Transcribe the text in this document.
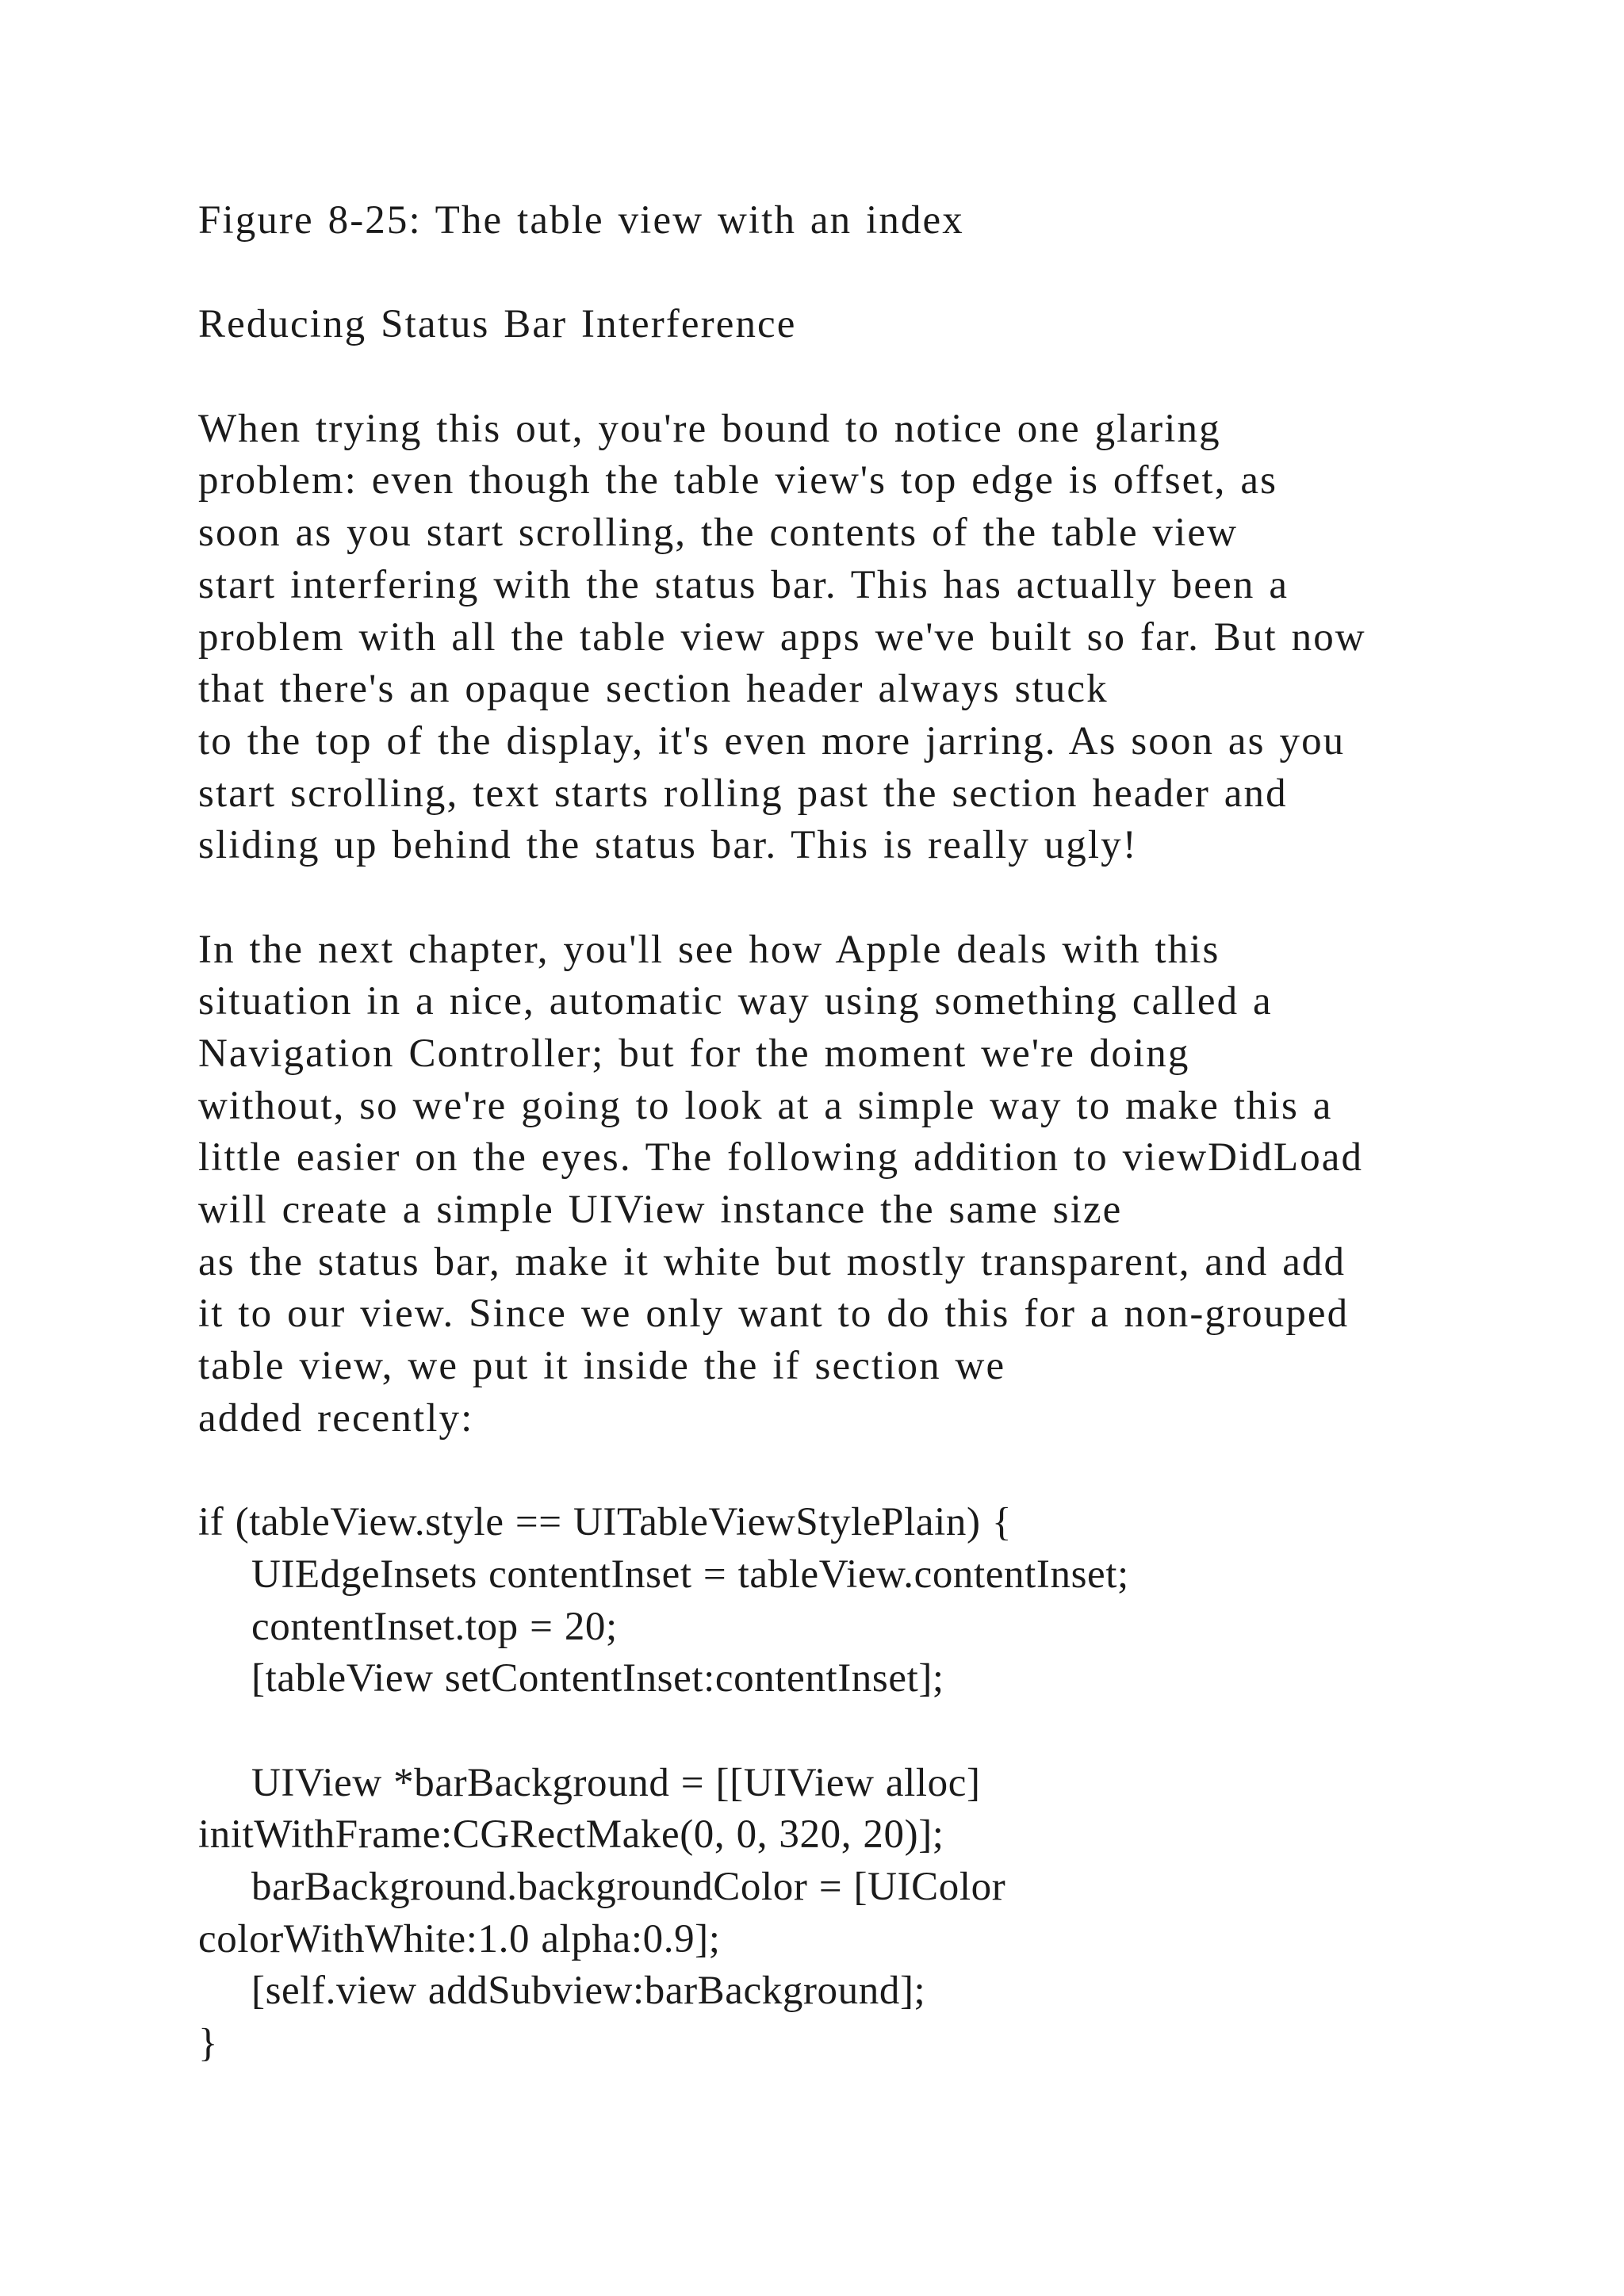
Figure 8-25: The table view with an index
Reducing Status Bar Interference
When trying this out, you're bound to notice one glaring
problem: even though the table view's top edge is offset, as
soon as you start scrolling, the contents of the table view
start interfering with the status bar. This has actually been a
problem with all the table view apps we've built so far. But now
that there's an opaque section header always stuck
to the top of the display, it's even more jarring. As soon as you
start scrolling, text starts rolling past the section header and
sliding up behind the status bar. This is really ugly!
In the next chapter, you'll see how Apple deals with this
situation in a nice, automatic way using something called a
Navigation Controller; but for the moment we're doing
without, so we're going to look at a simple way to make this a
little easier on the eyes. The following addition to viewDidLoad
will create a simple UIView instance the same size
as the status bar, make it white but mostly transparent, and add
it to our view. Since we only want to do this for a non-grouped
table view, we put it inside the if section we
added recently:
if (tableView.style == UITableViewStylePlain) {
UIEdgeInsets contentInset = tableView.contentInset;
contentInset.top = 20;
[tableView setContentInset:contentInset];
UIView *barBackground = [[UIView alloc]
initWithFrame:CGRectMake(0, 0, 320, 20)];
barBackground.backgroundColor = [UIColor
colorWithWhite:1.0 alpha:0.9];
[self.view addSubview:barBackground];
}
